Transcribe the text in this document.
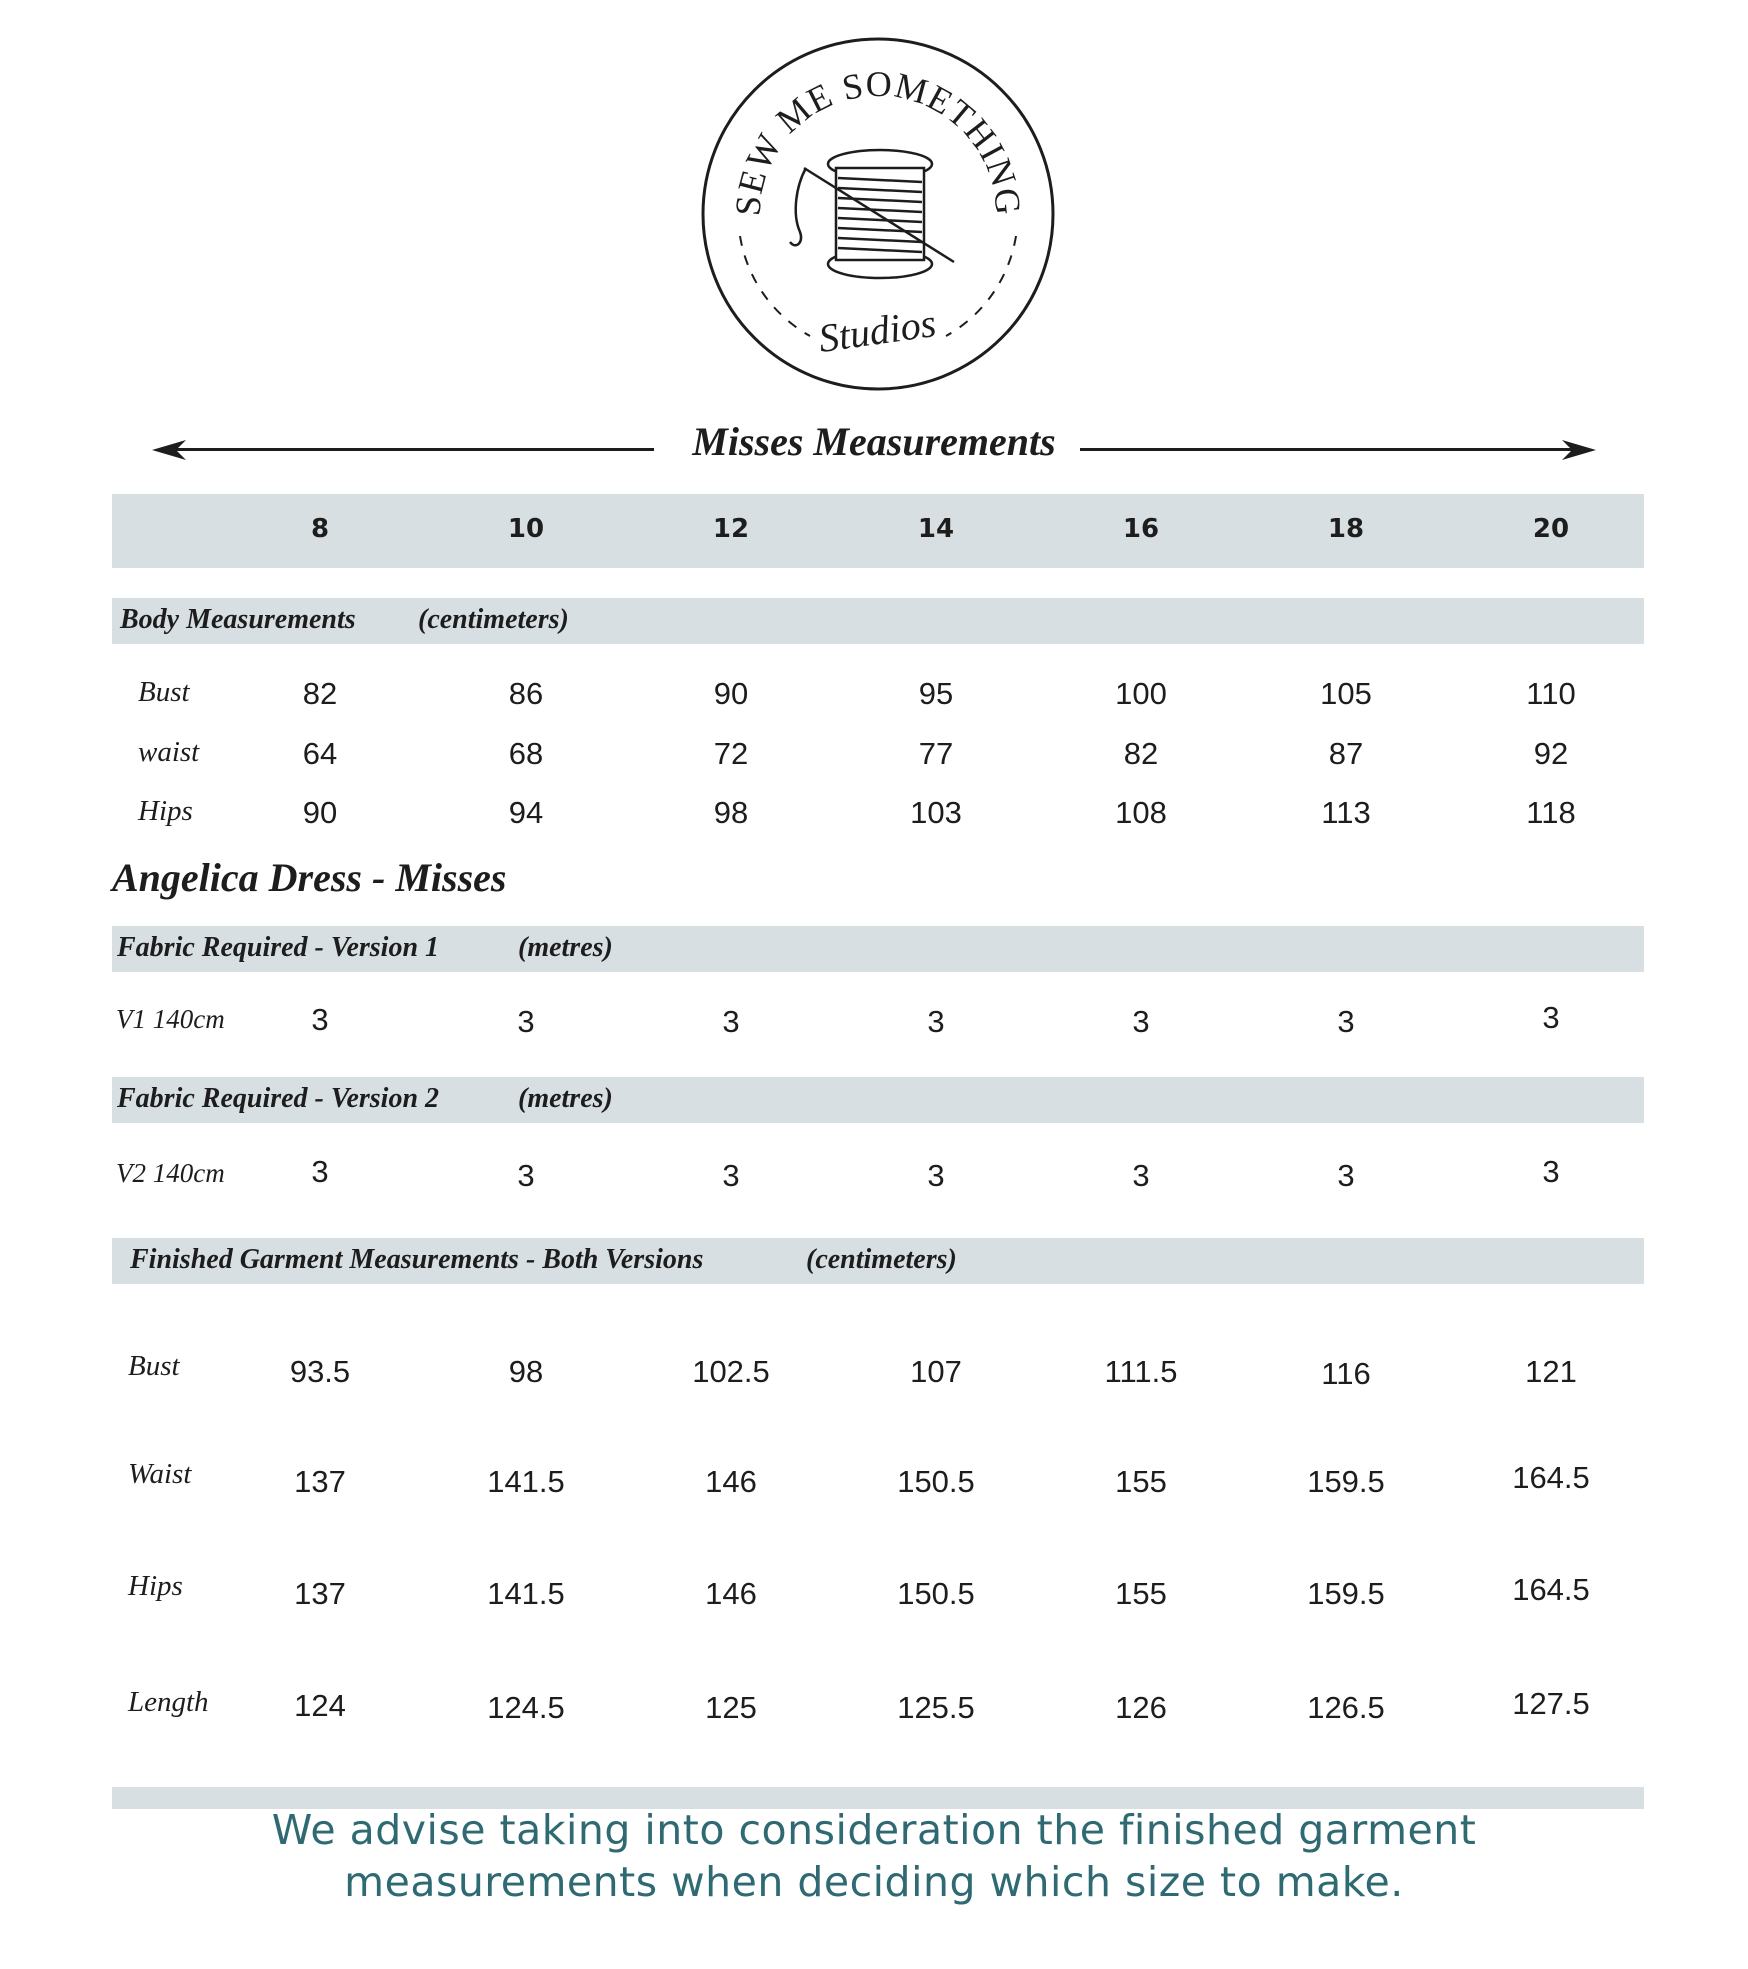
SEW ME SOMETHING
Studios
Misses Measurements
8	10	12	14	16	18	20
Body Measurements (centimeters)
Bust	82	86	90	95	100	105	110
waist	64	68	72	77	82	87	92
Hips	90	94	98	103	108	113	118
Angelica Dress - Misses
Fabric Required - Version 1	(metres)
V1 140cm	3	3	3	3	3	3	3
Fabric Required - Version 2	(metres)
V2 140cm	3	3	3	3	3	3	3
Finished Garment Measurements - Both Versions	(centimeters)
Bust	93.5	98	102.5	107	111.5	116	121
Waist	137	141.5	146	150.5	155	159.5	164.5
Hips	137	141.5	146	150.5	155	159.5	164.5
Length	124	124.5	125	125.5	126	126.5	127.5
We advise taking into consideration the finished garment
measurements when deciding which size to make.
